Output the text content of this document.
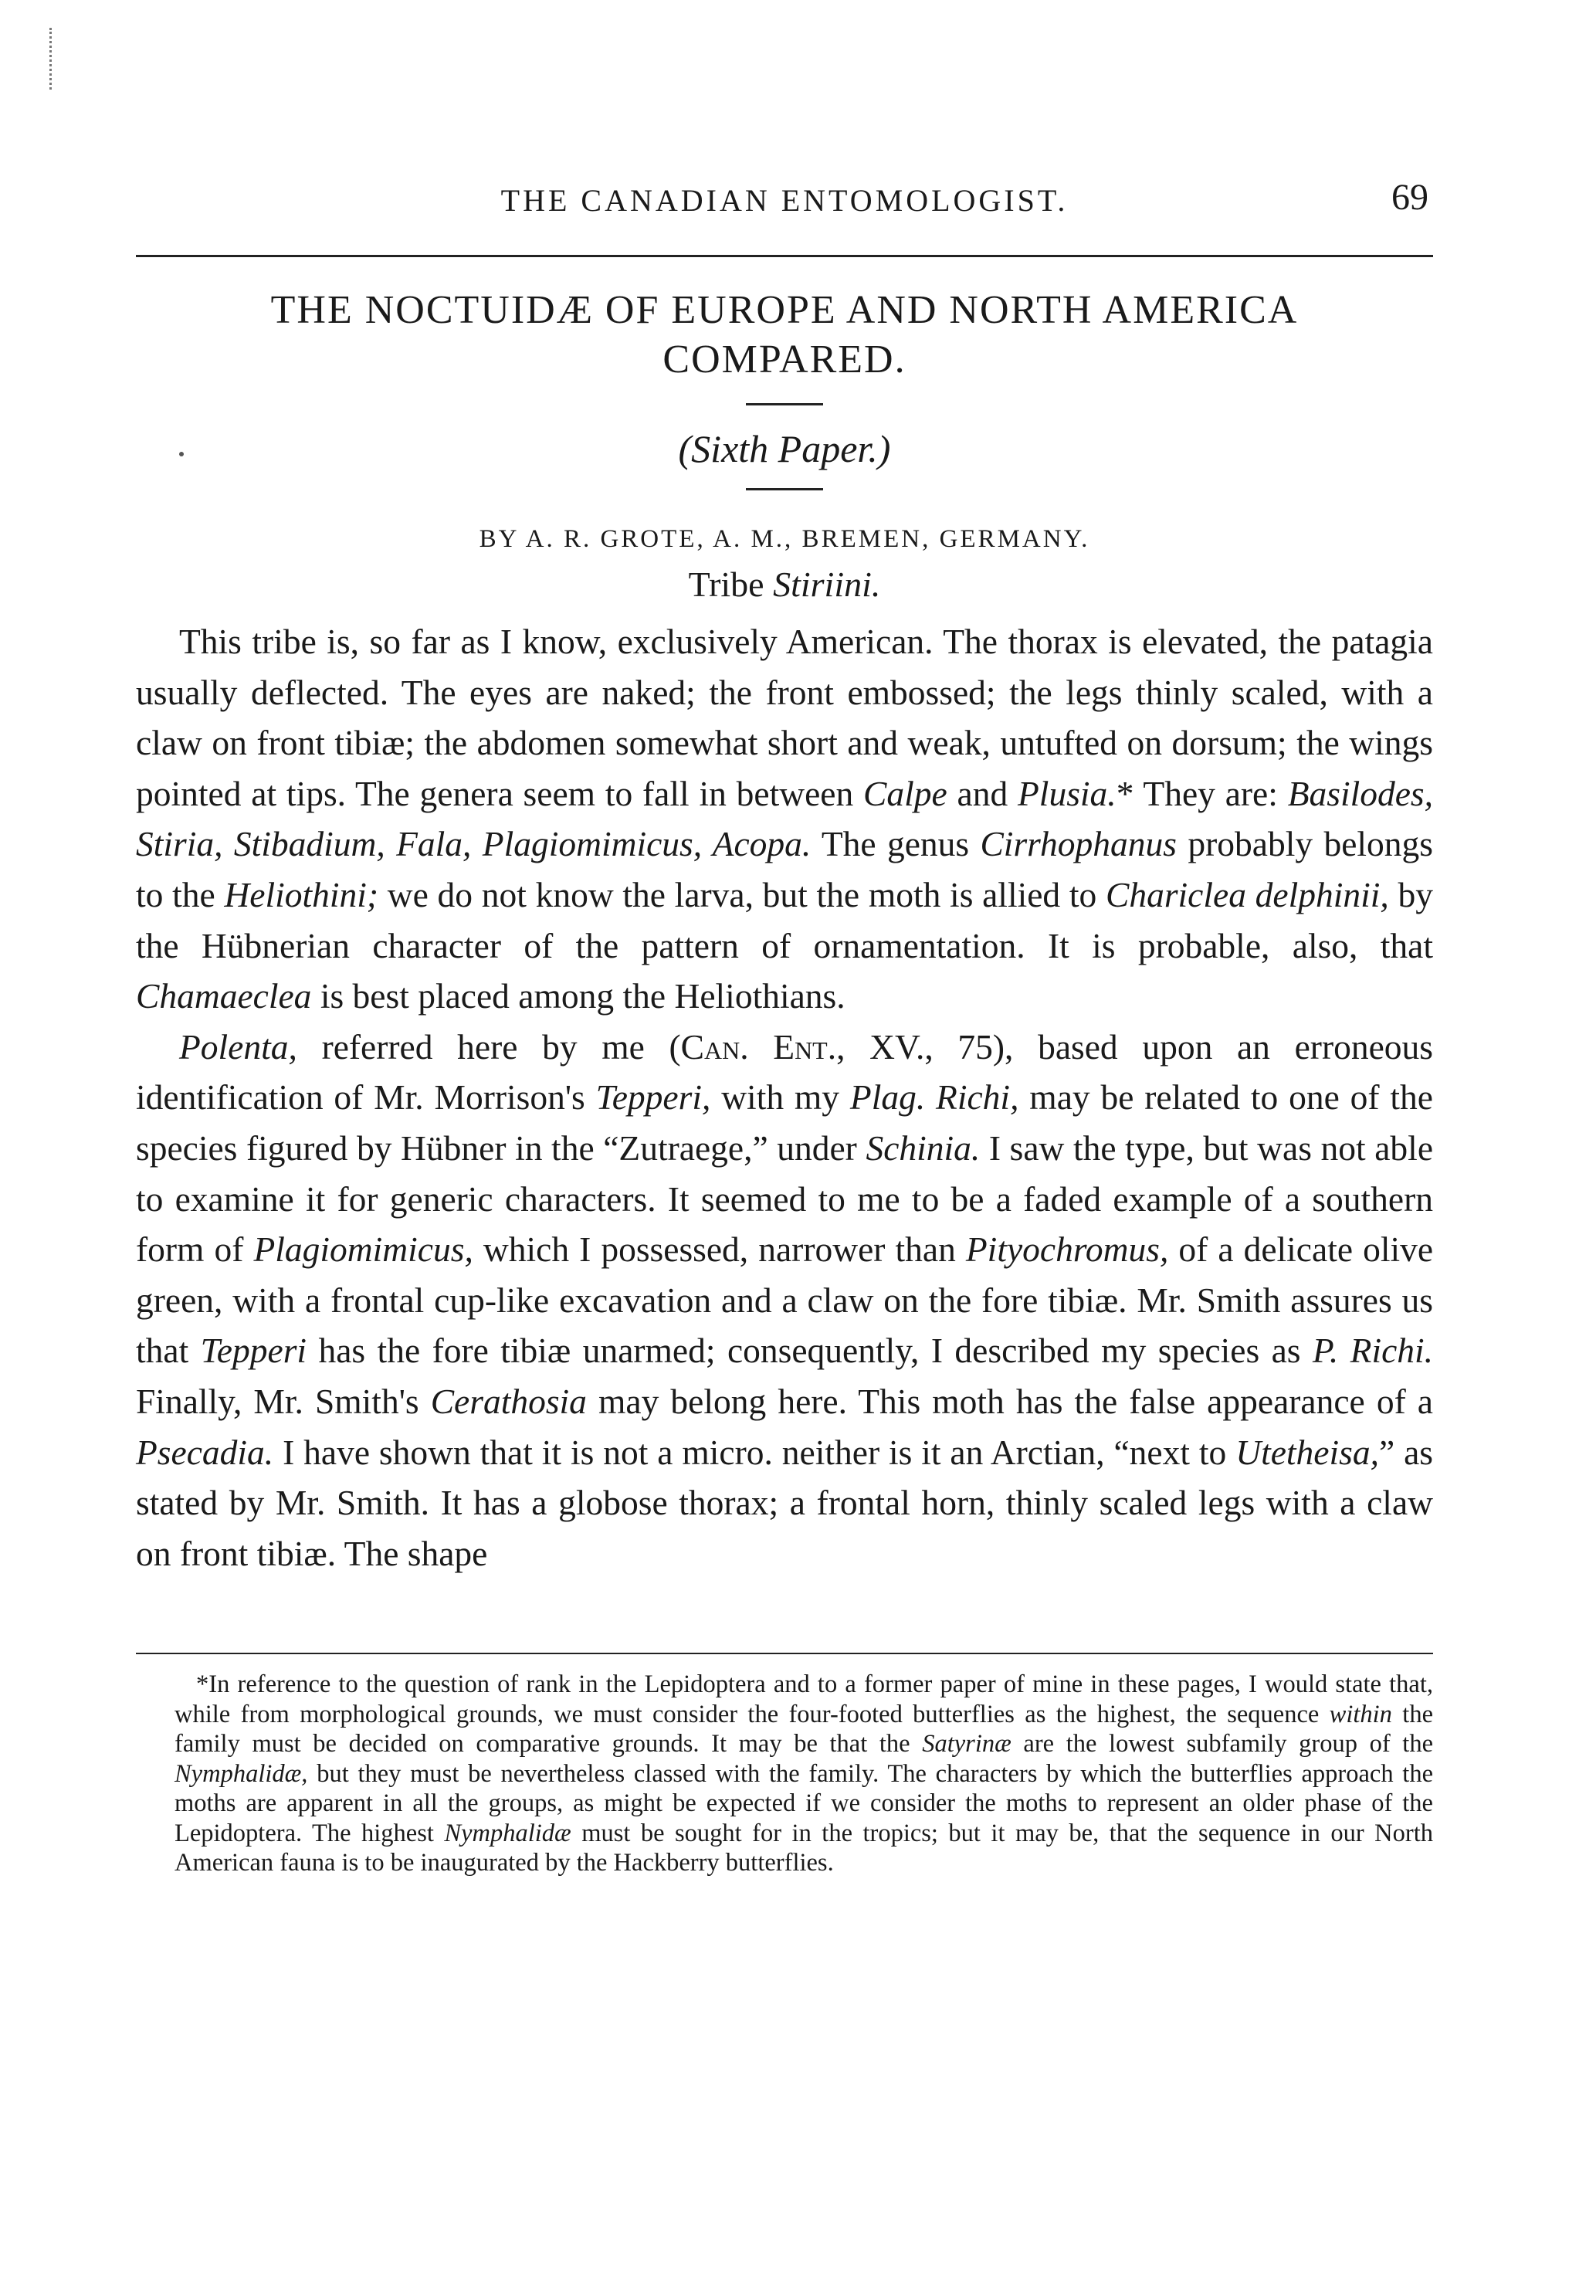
THE CANADIAN ENTOMOLOGIST.	69
THE NOCTUIDÆ OF EUROPE AND NORTH AMERICA
COMPARED.
(Sixth Paper.)
BY A. R. GROTE, A. M., BREMEN, GERMANY.
Tribe Stiriini.

This tribe is, so far as I know, exclusively American. The thorax is elevated, the patagia usually deflected. The eyes are naked; the front embossed; the legs thinly scaled, with a claw on front tibiæ; the abdomen somewhat short and weak, untufted on dorsum; the wings pointed at tips. The genera seem to fall in between Calpe and Plusia.* They are: Basilodes, Stiria, Stibadium, Fala, Plagiomimicus, Acopa. The genus Cirrhophanus probably belongs to the Heliothini; we do not know the larva, but the moth is allied to Chariclea delphinii, by the Hübnerian character of the pattern of ornamentation. It is probable, also, that Chamaeclea is best placed among the Heliothians.

Polenta, referred here by me (Can. Ent., XV., 75), based upon an erroneous identification of Mr. Morrison's Tepperi, with my Plag. Richi, may be related to one of the species figured by Hübner in the “Zutraege,” under Schinia. I saw the type, but was not able to examine it for generic characters. It seemed to me to be a faded example of a southern form of Plagiomimicus, which I possessed, narrower than Pityochromus, of a delicate olive green, with a frontal cup-like excavation and a claw on the fore tibiæ. Mr. Smith assures us that Tepperi has the fore tibiæ unarmed; consequently, I described my species as P. Richi. Finally, Mr. Smith's Cerathosia may belong here. This moth has the false appearance of a Psecadia. I have shown that it is not a micro. neither is it an Arctian, “next to Utetheisa,” as stated by Mr. Smith. It has a globose thorax; a frontal horn, thinly scaled legs with a claw on front tibiæ. The shape

*In reference to the question of rank in the Lepidoptera and to a former paper of mine in these pages, I would state that, while from morphological grounds, we must consider the four-footed butterflies as the highest, the sequence within the family must be decided on comparative grounds. It may be that the Satyrinæ are the lowest subfamily group of the Nymphalidæ, but they must be nevertheless classed with the family. The characters by which the butterflies approach the moths are apparent in all the groups, as might be expected if we consider the moths to represent an older phase of the Lepidoptera. The highest Nymphalidæ must be sought for in the tropics; but it may be, that the sequence in our North American fauna is to be inaugurated by the Hackberry butterflies.
